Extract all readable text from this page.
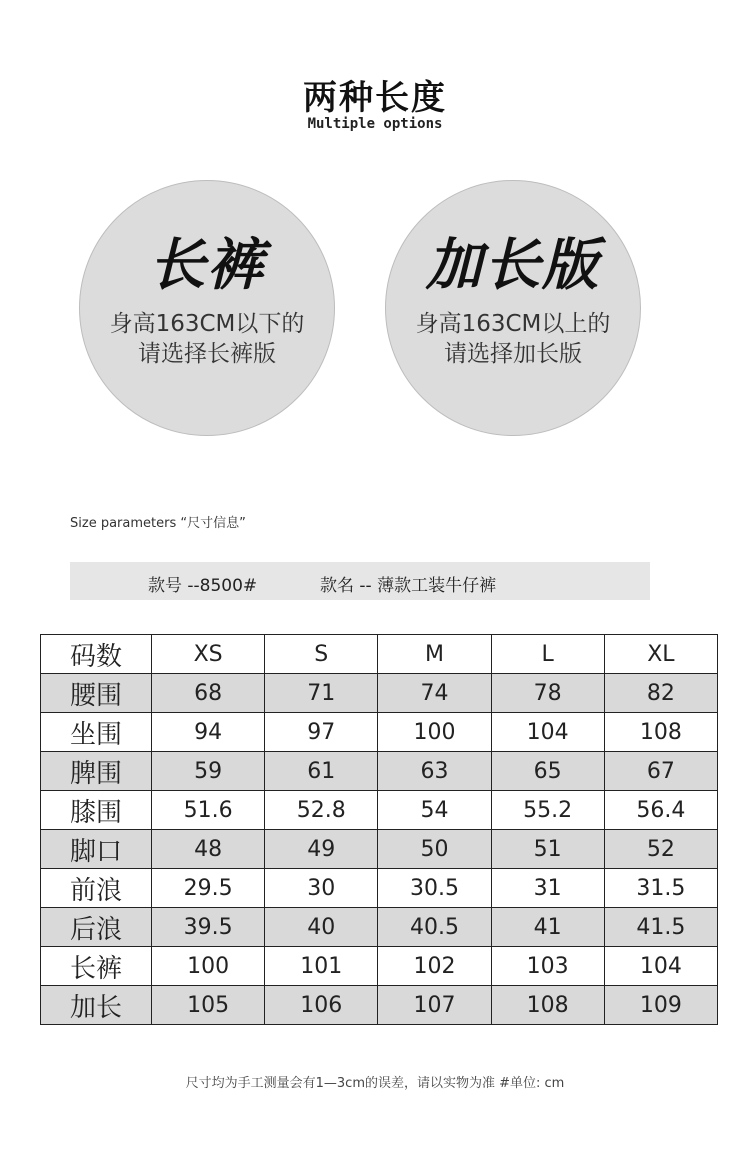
两种长度
Multiple options
长裤
身高163CM以下的
请选择长裤版
加长版
身高163CM以上的
请选择加长版
Size parameters “尺寸信息”
款号 --8500#	款名 -- 薄款工装牛仔裤
码数	XS	S	M	L	XL
腰围	68	71	74	78	82
坐围	94	97	100	104	108
脾围	59	61	63	65	67
膝围	51.6	52.8	54	55.2	56.4
脚口	48	49	50	51	52
前浪	29.5	30	30.5	31	31.5
后浪	39.5	40	40.5	41	41.5
长裤	100	101	102	103	104
加长	105	106	107	108	109
尺寸均为手工测量会有1—3cm的误差，请以实物为准 #单位: cm
